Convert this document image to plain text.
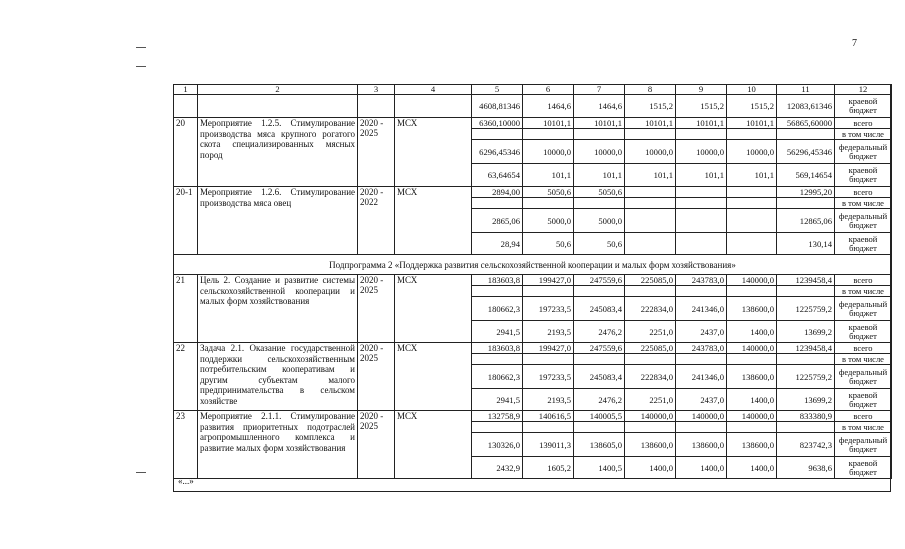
7
1	2	3	4	5	6	7	8	9	10	11	12
				4608,81346	1464,6	1464,6	1515,2	1515,2	1515,2	12083,61346	краевой бюджет
20	Мероприятие 1.2.5. Стимулирование производства мяса крупного рогатого скота специализированных мясных пород	2020 - 2025	МСХ	6360,10000	10101,1	10101,1	10101,1	10101,1	10101,1	56865,60000	всего
											в том числе
				6296,45346	10000,0	10000,0	10000,0	10000,0	10000,0	56296,45346	федеральный бюджет
				63,64654	101,1	101,1	101,1	101,1	101,1	569,14654	краевой бюджет
20-1	Мероприятие 1.2.6. Стимулирование производства мяса овец	2020 - 2022	МСХ	2894,00	5050,6	5050,6				12995,20	всего
											в том числе
				2865,06	5000,0	5000,0				12865,06	федеральный бюджет
				28,94	50,6	50,6				130,14	краевой бюджет
Подпрограмма 2 «Поддержка развития сельскохозяйственной кооперации и малых форм хозяйствования»											
21	Цель 2. Создание и развитие системы сельскохозяйственной кооперации и малых форм хозяйствования	2020 - 2025	МСХ	183603,8	199427,0	247559,6	225085,0	243783,0	140000,0	1239458,4	всего
											в том числе
				180662,3	197233,5	245083,4	222834,0	241346,0	138600,0	1225759,2	федеральный бюджет
				2941,5	2193,5	2476,2	2251,0	2437,0	1400,0	13699,2	краевой бюджет
22	Задача 2.1. Оказание государственной поддержки сельскохозяйственным потребительским кооперативам и другим субъектам малого предпринимательства в сельском хозяйстве	2020 - 2025	МСХ	183603,8	199427,0	247559,6	225085,0	243783,0	140000,0	1239458,4	всего
											в том числе
				180662,3	197233,5	245083,4	222834,0	241346,0	138600,0	1225759,2	федеральный бюджет
				2941,5	2193,5	2476,2	2251,0	2437,0	1400,0	13699,2	краевой бюджет
23	Мероприятие 2.1.1. Стимулирование развития приоритетных подотраслей агропромышленного комплекса и развитие малых форм хозяйствования	2020 - 2025	МСХ	132758,9	140616,5	140005,5	140000,0	140000,0	140000,0	833380,9	всего
											в том числе
				130326,0	139011,3	138605,0	138600,0	138600,0	138600,0	823742,3	федеральный бюджет
				2432,9	1605,2	1400,5	1400,0	1400,0	1400,0	9638,6	краевой бюджет
«...»
